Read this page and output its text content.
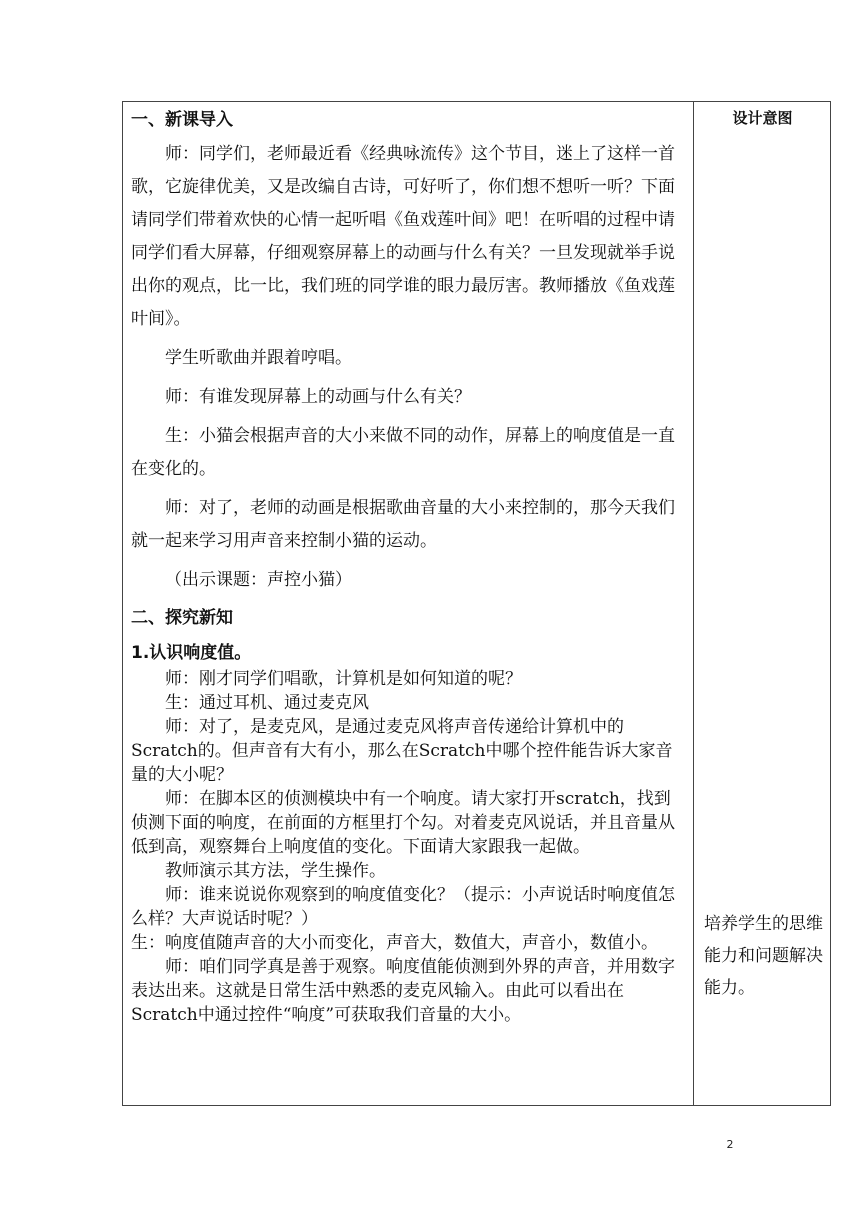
一、新课导入

师：同学们，老师最近看《经典咏流传》这个节目，迷上了这样一首歌，它旋律优美，又是改编自古诗，可好听了，你们想不想听一听？下面请同学们带着欢快的心情一起听唱《鱼戏莲叶间》吧！在听唱的过程中请同学们看大屏幕，仔细观察屏幕上的动画与什么有关？一旦发现就举手说出你的观点，比一比，我们班的同学谁的眼力最厉害。教师播放《鱼戏莲叶间》。

学生听歌曲并跟着哼唱。

师：有谁发现屏幕上的动画与什么有关？

生：小猫会根据声音的大小来做不同的动作，屏幕上的响度值是一直在变化的。

师：对了，老师的动画是根据歌曲音量的大小来控制的，那今天我们就一起来学习用声音来控制小猫的运动。

（出示课题：声控小猫）

二、探究新知

1.认识响度值。

师：刚才同学们唱歌，计算机是如何知道的呢？

生：通过耳机、通过麦克风

师：对了，是麦克风，是通过麦克风将声音传递给计算机中的Scratch的。但声音有大有小，那么在Scratch中哪个控件能告诉大家音量的大小呢？

师：在脚本区的侦测模块中有一个响度。请大家打开scratch，找到侦测下面的响度，在前面的方框里打个勾。对着麦克风说话，并且音量从低到高，观察舞台上响度值的变化。下面请大家跟我一起做。

教师演示其方法，学生操作。

师：谁来说说你观察到的响度值变化？（提示：小声说话时响度值怎么样？大声说话时呢？）

生：响度值随声音的大小而变化，声音大，数值大，声音小，数值小。

师：咱们同学真是善于观察。响度值能侦测到外界的声音，并用数字表达出来。这就是日常生活中熟悉的麦克风输入。由此可以看出在Scratch中通过控件“响度”可获取我们音量的大小。

设计意图
培养学生的思维能力和问题解决能力。
2
